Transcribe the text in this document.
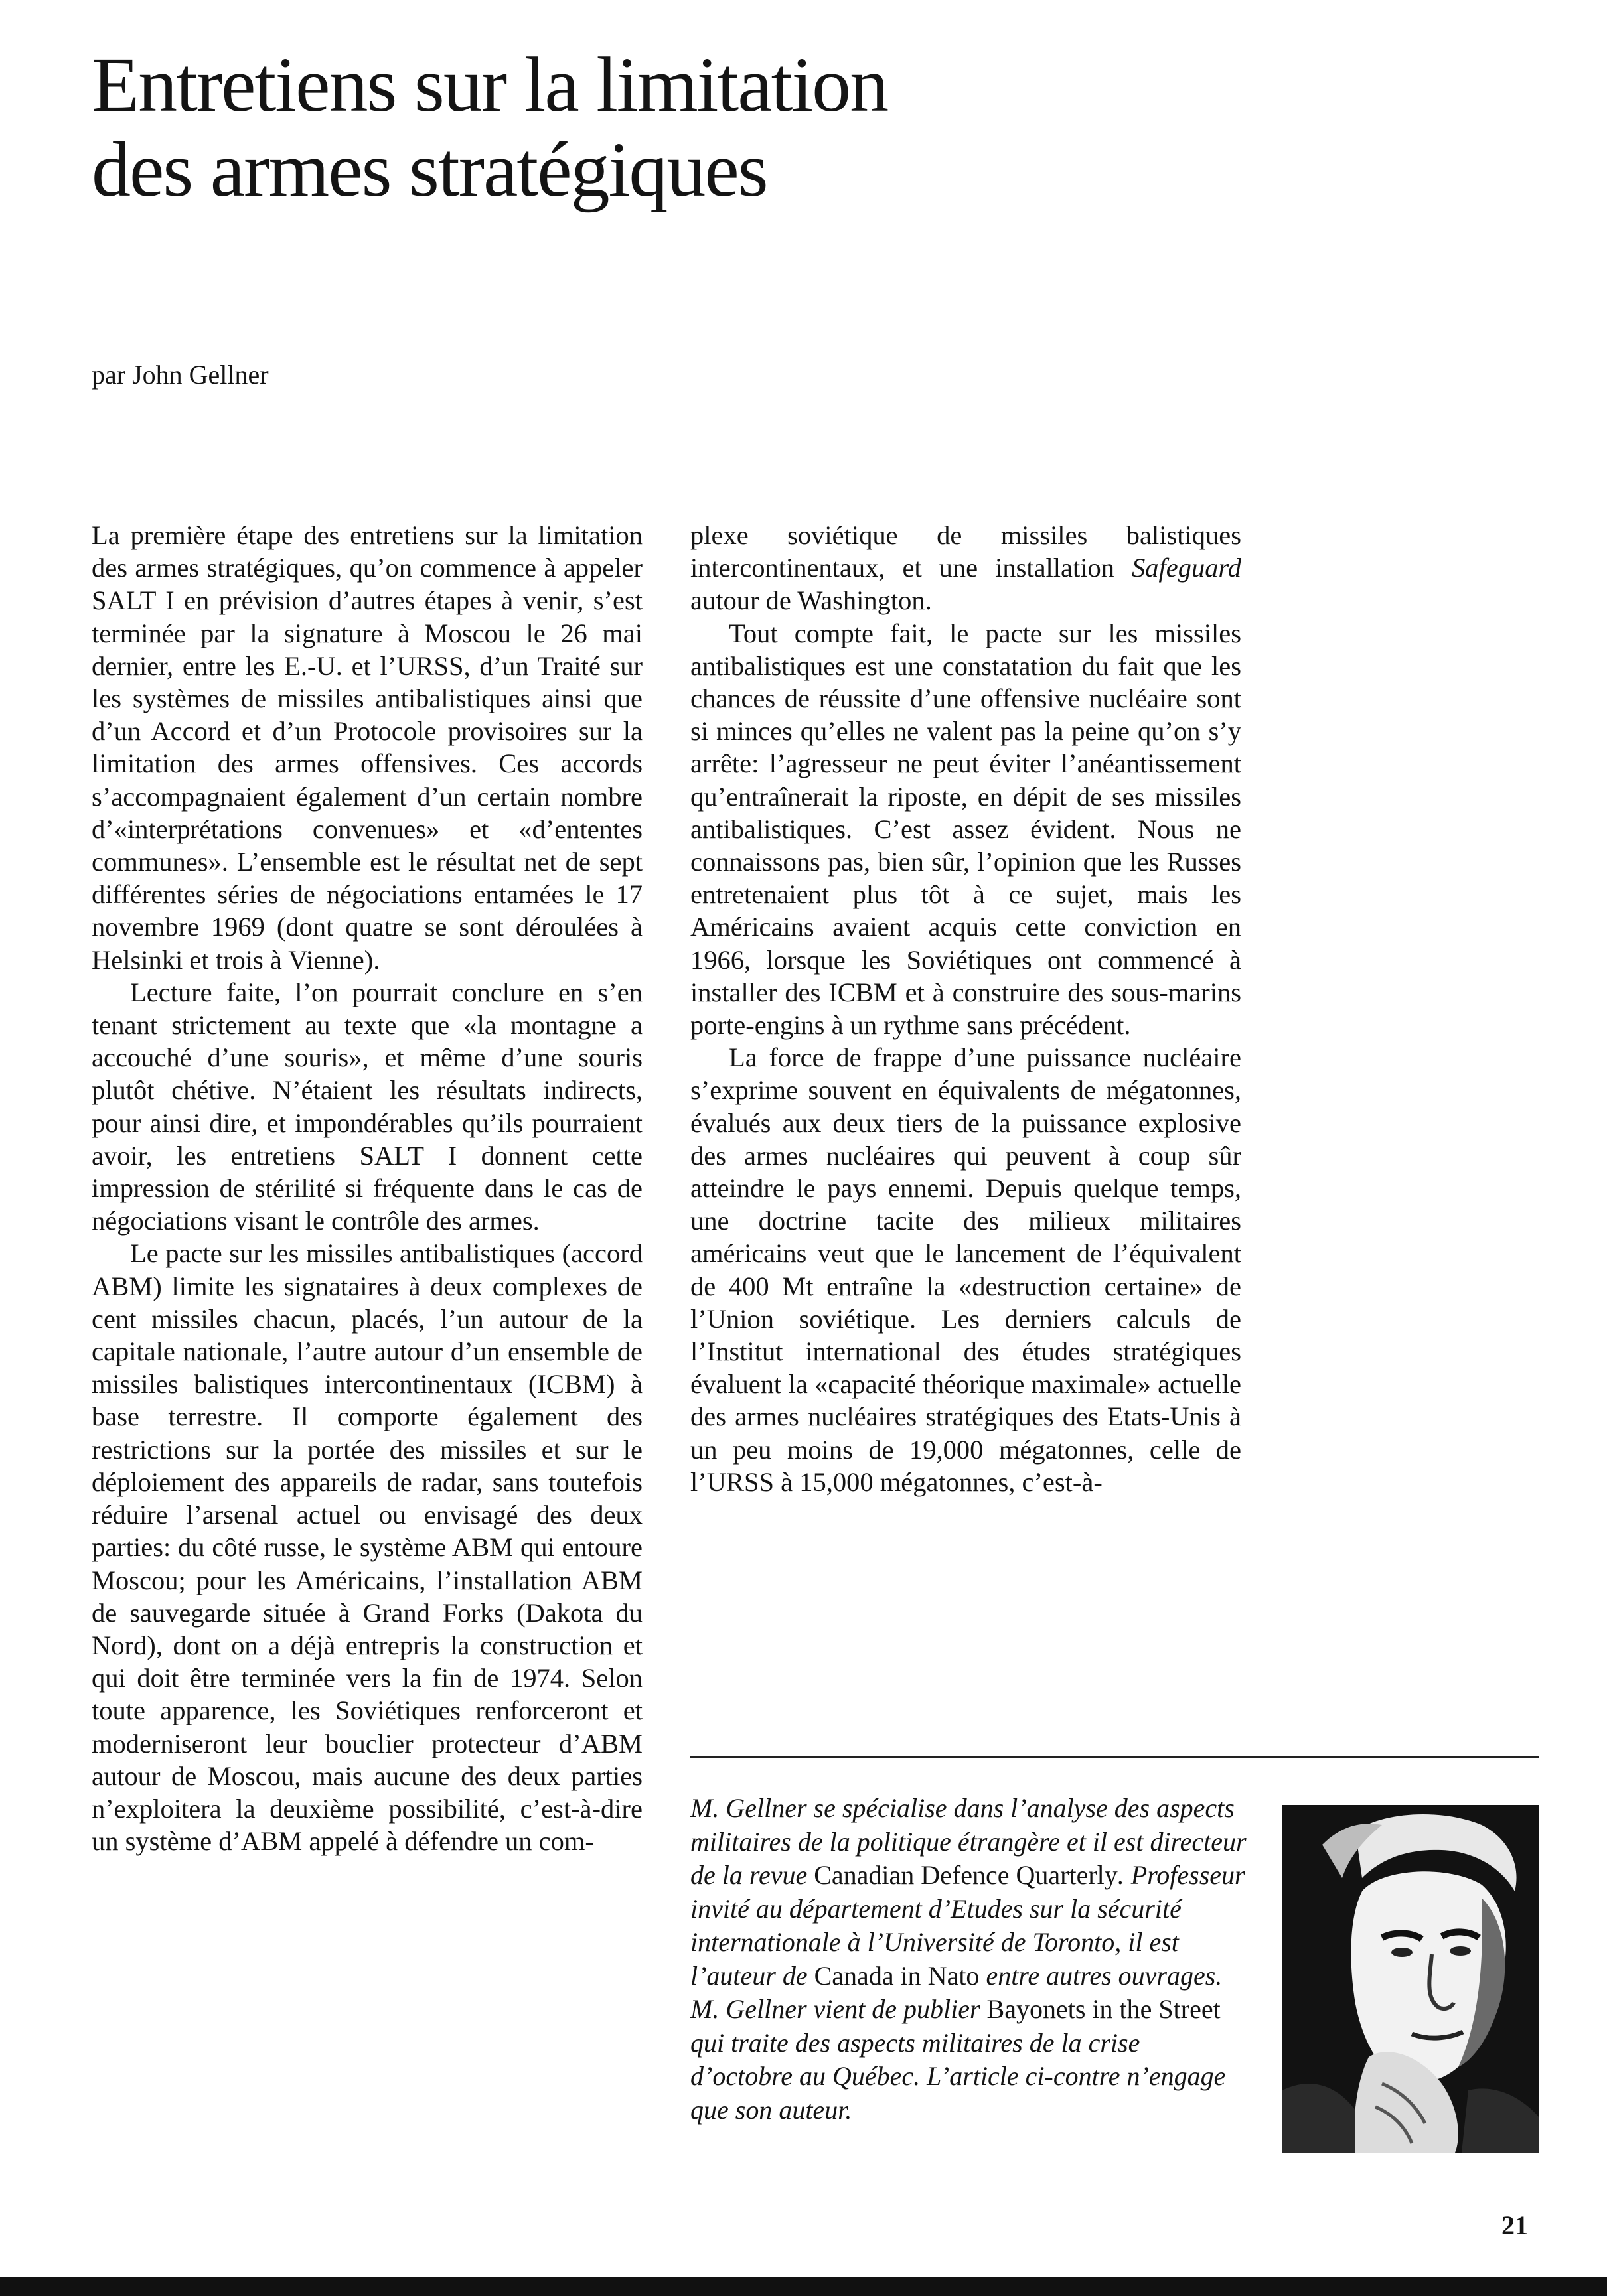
Entretiens sur la limitation
des armes stratégiques
par John Gellner

La première étape des entretiens sur la limitation des armes stratégiques, qu’on commence à appeler SALT I en prévision d’autres étapes à venir, s’est terminée par la signature à Moscou le 26 mai dernier, entre les E.-U. et l’URSS, d’un Traité sur les systèmes de missiles antibalistiques ainsi que d’un Accord et d’un Protocole provisoires sur la limitation des armes offensives. Ces accords s’accompagnaient également d’un certain nombre d’«interprétations convenues» et «d’ententes communes». L’ensemble est le résultat net de sept différentes séries de négociations entamées le 17 novembre 1969 (dont quatre se sont déroulées à Helsinki et trois à Vienne).

Lecture faite, l’on pourrait conclure en s’en tenant strictement au texte que «la montagne a accouché d’une souris», et même d’une souris plutôt chétive. N’étaient les résultats indirects, pour ainsi dire, et impondérables qu’ils pourraient avoir, les entretiens SALT I donnent cette impression de stérilité si fréquente dans le cas de négociations visant le contrôle des armes.

Le pacte sur les missiles antibalistiques (accord ABM) limite les signataires à deux complexes de cent missiles chacun, placés, l’un autour de la capitale nationale, l’autre autour d’un ensemble de missiles balistiques intercontinentaux (ICBM) à base terrestre. Il comporte également des restrictions sur la portée des missiles et sur le déploiement des appareils de radar, sans toutefois réduire l’arsenal actuel ou envisagé des deux parties: du côté russe, le système ABM qui entoure Moscou; pour les Américains, l’installation ABM de sauvegarde située à Grand Forks (Dakota du Nord), dont on a déjà entrepris la construction et qui doit être terminée vers la fin de 1974. Selon toute apparence, les Soviétiques renforceront et moderniseront leur bouclier protecteur d’ABM autour de Moscou, mais aucune des deux parties n’exploitera la deuxième possibilité, c’est-à-dire un système d’ABM appelé à défendre un com-

plexe soviétique de missiles balistiques intercontinentaux, et une installation Safeguard autour de Washington.

Tout compte fait, le pacte sur les missiles antibalistiques est une constatation du fait que les chances de réussite d’une offensive nucléaire sont si minces qu’elles ne valent pas la peine qu’on s’y arrête: l’agresseur ne peut éviter l’anéantissement qu’entraînerait la riposte, en dépit de ses missiles antibalistiques. C’est assez évident. Nous ne connaissons pas, bien sûr, l’opinion que les Russes entretenaient plus tôt à ce sujet, mais les Américains avaient acquis cette conviction en 1966, lorsque les Soviétiques ont commencé à installer des ICBM et à construire des sous-marins porte-engins à un rythme sans précédent.

La force de frappe d’une puissance nucléaire s’exprime souvent en équivalents de mégatonnes, évalués aux deux tiers de la puissance explosive des armes nucléaires qui peuvent à coup sûr atteindre le pays ennemi. Depuis quelque temps, une doctrine tacite des milieux militaires américains veut que le lancement de l’équivalent de 400 Mt entraîne la «destruction certaine» de l’Union soviétique. Les derniers calculs de l’Institut international des études stratégiques évaluent la «capacité théorique maximale» actuelle des armes nucléaires stratégiques des Etats-Unis à un peu moins de 19,000 mégatonnes, celle de l’URSS à 15,000 mégatonnes, c’est-à-

M. Gellner se spécialise dans l’analyse des aspects militaires de la politique étrangère et il est directeur de la revue Canadian Defence Quarterly. Professeur invité au département d’Etudes sur la sécurité internationale à l’Université de Toronto, il est l’auteur de Canada in Nato entre autres ouvrages. M. Gellner vient de publier Bayonets in the Street qui traite des aspects militaires de la crise d’octobre au Québec. L’article ci-contre n’engage que son auteur.
21
